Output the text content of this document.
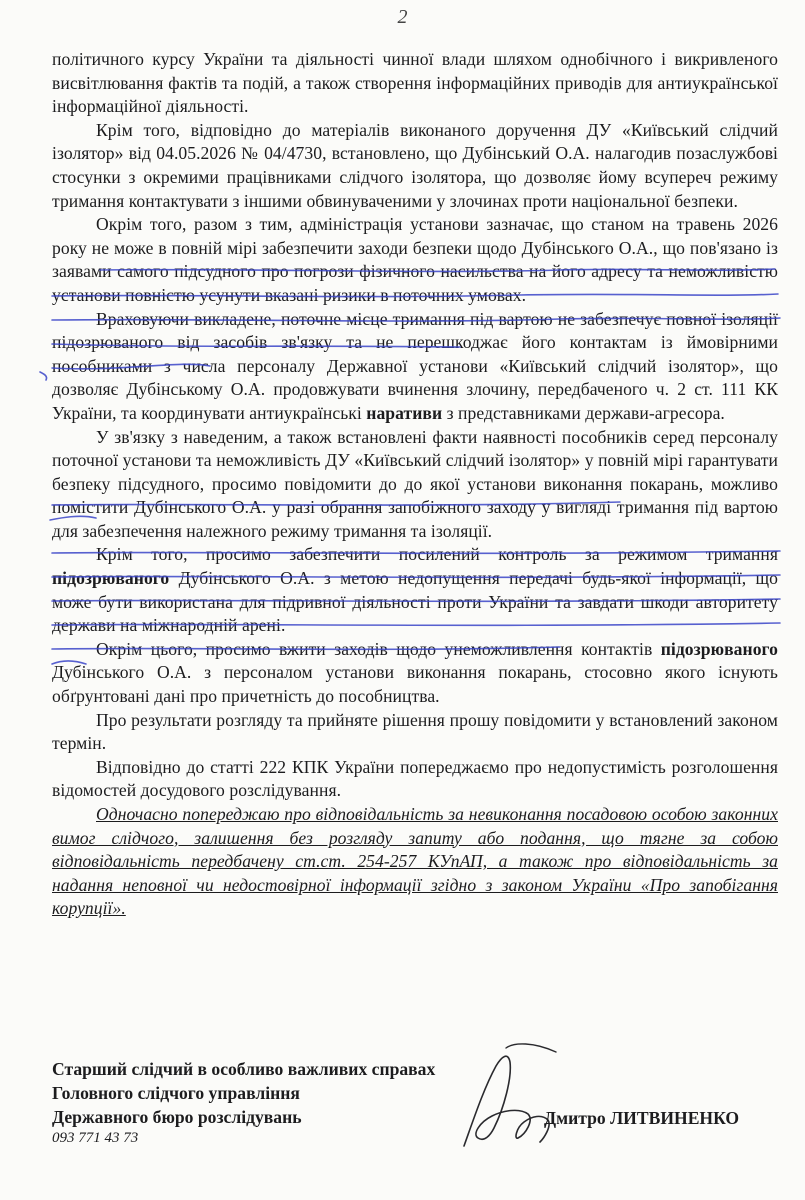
2

політичного курсу України та діяльності чинної влади шляхом однобічного і викривленого висвітлювання фактів та подій, а також створення інформаційних приводів для антиукраїнської інформаційної діяльності.

Крім того, відповідно до матеріалів виконаного доручення ДУ «Київський слідчий ізолятор» від 04.05.2026 № 04/4730, встановлено, що Дубінський О.А. налагодив позаслужбові стосунки з окремими працівниками слідчого ізолятора, що дозволяє йому всупереч режиму тримання контактувати з іншими обвинуваченими у злочинах проти національної безпеки.

Окрім того, разом з тим, адміністрація установи зазначає, що станом на травень 2026 року не може в повній мірі забезпечити заходи безпеки щодо Дубінського О.А., що пов'язано із заявами самого підсудного про погрози фізичного насильства на його адресу та неможливістю установи повністю усунути вказані ризики в поточних умовах.

Враховуючи викладене, поточне місце тримання під вартою не забезпечує повної ізоляції підозрюваного від засобів зв'язку та не перешкоджає його контактам із ймовірними пособниками з числа персоналу Державної установи «Київський слідчий ізолятор», що дозволяє Дубінському О.А. продовжувати вчинення злочину, передбаченого ч. 2 ст. 111 КК України, та координувати антиукраїнські наративи з представниками держави-агресора.

У зв'язку з наведеним, а також встановлені факти наявності пособників серед персоналу поточної установи та неможливість ДУ «Київський слідчий ізолятор» у повній мірі гарантувати безпеку підсудного, просимо повідомити до до якої установи виконання покарань, можливо помістити Дубінського О.А. у разі обрання запобіжного заходу у вигляді тримання під вартою для забезпечення належного режиму тримання та ізоляції.

Крім того, просимо забезпечити посилений контроль за режимом тримання підозрюваного Дубінського О.А. з метою недопущення передачі будь-якої інформації, що може бути використана для підривної діяльності проти України та завдати шкоди авторитету держави на міжнародній арені.

Окрім цього, просимо вжити заходів щодо унеможливлення контактів підозрюваного Дубінського О.А. з персоналом установи виконання покарань, стосовно якого існують обґрунтовані дані про причетність до пособництва.

Про результати розгляду та прийняте рішення прошу повідомити у встановлений законом термін.

Відповідно до статті 222 КПК України попереджаємо про недопустимість розголошення відомостей досудового розслідування.

Одночасно попереджаю про відповідальність за невиконання посадовою особою законних вимог слідчого, залишення без розгляду запиту або подання, що тягне за собою відповідальність передбачену ст.ст. 254-257 КУпАП, а також про відповідальність за надання неповної чи недостовірної інформації згідно з законом України «Про запобігання корупції».

Старший слідчий в особливо важливих справах

Головного слідчого управління

Державного бюро розслідувань

093 771 43 73
Дмитро ЛИТВИНЕНКО
